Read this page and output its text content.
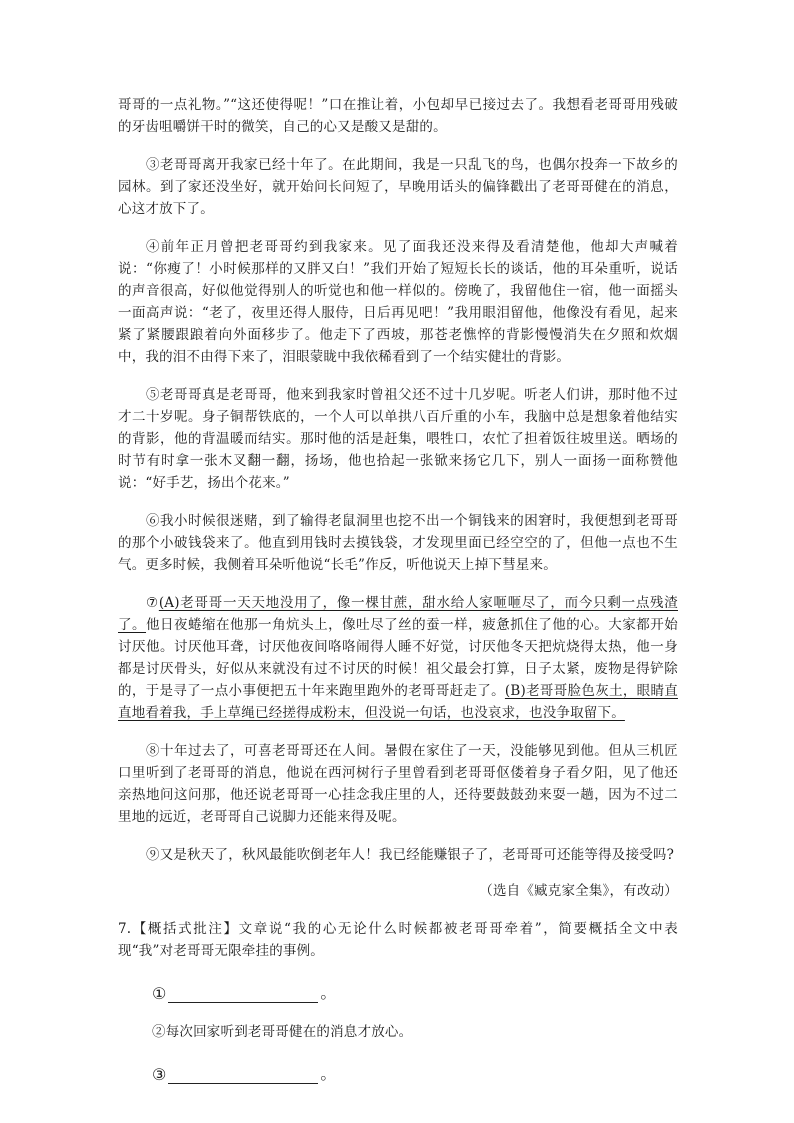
哥哥的一点礼物。”“这还使得呢！”口在推让着，小包却早已接过去了。我想看老哥哥用残破的牙齿咀嚼饼干时的微笑，自己的心又是酸又是甜的。

③老哥哥离开我家已经十年了。在此期间，我是一只乱飞的鸟，也偶尔投奔一下故乡的园林。到了家还没坐好，就开始问长问短了，早晚用话头的偏锋戳出了老哥哥健在的消息，心这才放下了。

④前年正月曾把老哥哥约到我家来。见了面我还没来得及看清楚他，他却大声喊着说：“你瘦了！小时候那样的又胖又白！”我们开始了短短长长的谈话，他的耳朵重听，说话的声音很高，好似他觉得别人的听觉也和他一样似的。傍晚了，我留他住一宿，他一面摇头一面高声说：“老了，夜里还得人服侍，日后再见吧！”我用眼泪留他，他像没有看见，起来紧了紧腰跟踉着向外面移步了。他走下了西坡，那苍老憔悴的背影慢慢消失在夕照和炊烟中，我的泪不由得下来了，泪眼蒙眬中我依稀看到了一个结实健壮的背影。

⑤老哥哥真是老哥哥，他来到我家时曾祖父还不过十几岁呢。听老人们讲，那时他不过才二十岁呢。身子铜帮铁底的，一个人可以单拱八百斤重的小车，我脑中总是想象着他结实的背影，他的背温暖而结实。那时他的活是赶集，喂牲口，农忙了担着饭往坡里送。晒场的时节有时拿一张木叉翻一翻，扬场，他也拾起一张锨来扬它几下，别人一面扬一面称赞他说：“好手艺，扬出个花来。”

⑥我小时候很迷赌，到了输得老鼠洞里也挖不出一个铜钱来的困窘时，我便想到老哥哥的那个小破钱袋来了。他直到用钱时去摸钱袋，才发现里面已经空空的了，但他一点也不生气。更多时候，我侧着耳朵听他说“长毛”作反，听他说天上掉下彗星来。

⑦(A)老哥哥一天天地没用了，像一棵甘蔗，甜水给人家咂咂尽了，而今只剩一点残渣了。他日夜蜷缩在他那一角炕头上，像吐尽了丝的蚕一样，疲惫抓住了他的心。大家都开始讨厌他。讨厌他耳聋，讨厌他夜间咯咯闹得人睡不好觉，讨厌他冬天把炕烧得太热，他一身都是讨厌骨头，好似从来就没有过不讨厌的时候！祖父最会打算，日子太紧，废物是得铲除的，于是寻了一点小事便把五十年来跑里跑外的老哥哥赶走了。(B)老哥哥脸色灰土，眼睛直直地看着我，手上草绳已经搓得成粉末，但没说一句话，也没哀求，也没争取留下。

⑧十年过去了，可喜老哥哥还在人间。暑假在家住了一天，没能够见到他。但从三机匠口里听到了老哥哥的消息，他说在西河树行子里曾看到老哥哥伛偻着身子看夕阳，见了他还亲热地问这问那，他还说老哥哥一心挂念我庄里的人，还待要鼓鼓劲来耍一趟，因为不过二里地的远近，老哥哥自己说脚力还能来得及呢。

⑨又是秋天了，秋风最能吹倒老年人！我已经能赚银子了，老哥哥可还能等得及接受吗?

（选自《臧克家全集》，有改动）

7.【概括式批注】文章说“我的心无论什么时候都被老哥哥牵着”，简要概括全文中表现“我”对老哥哥无限牵挂的事例。

①	。

②每次回家听到老哥哥健在的消息才放心。

③	。
